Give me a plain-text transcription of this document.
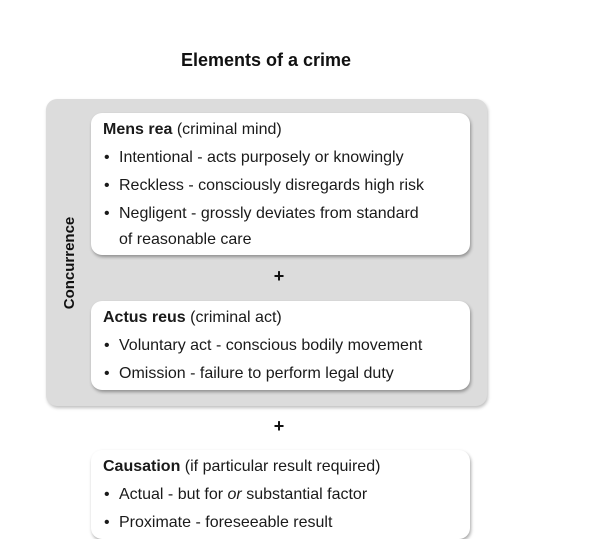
Elements of a crime
Concurrence
Mens rea (criminal mind)
• Intentional - acts purposely or knowingly
• Reckless - consciously disregards high risk
• Negligent - grossly deviates from standard
of reasonable care
+
Actus reus (criminal act)
• Voluntary act - conscious bodily movement
• Omission - failure to perform legal duty
+
Causation (if particular result required)
• Actual - but for or substantial factor
• Proximate - foreseeable result
